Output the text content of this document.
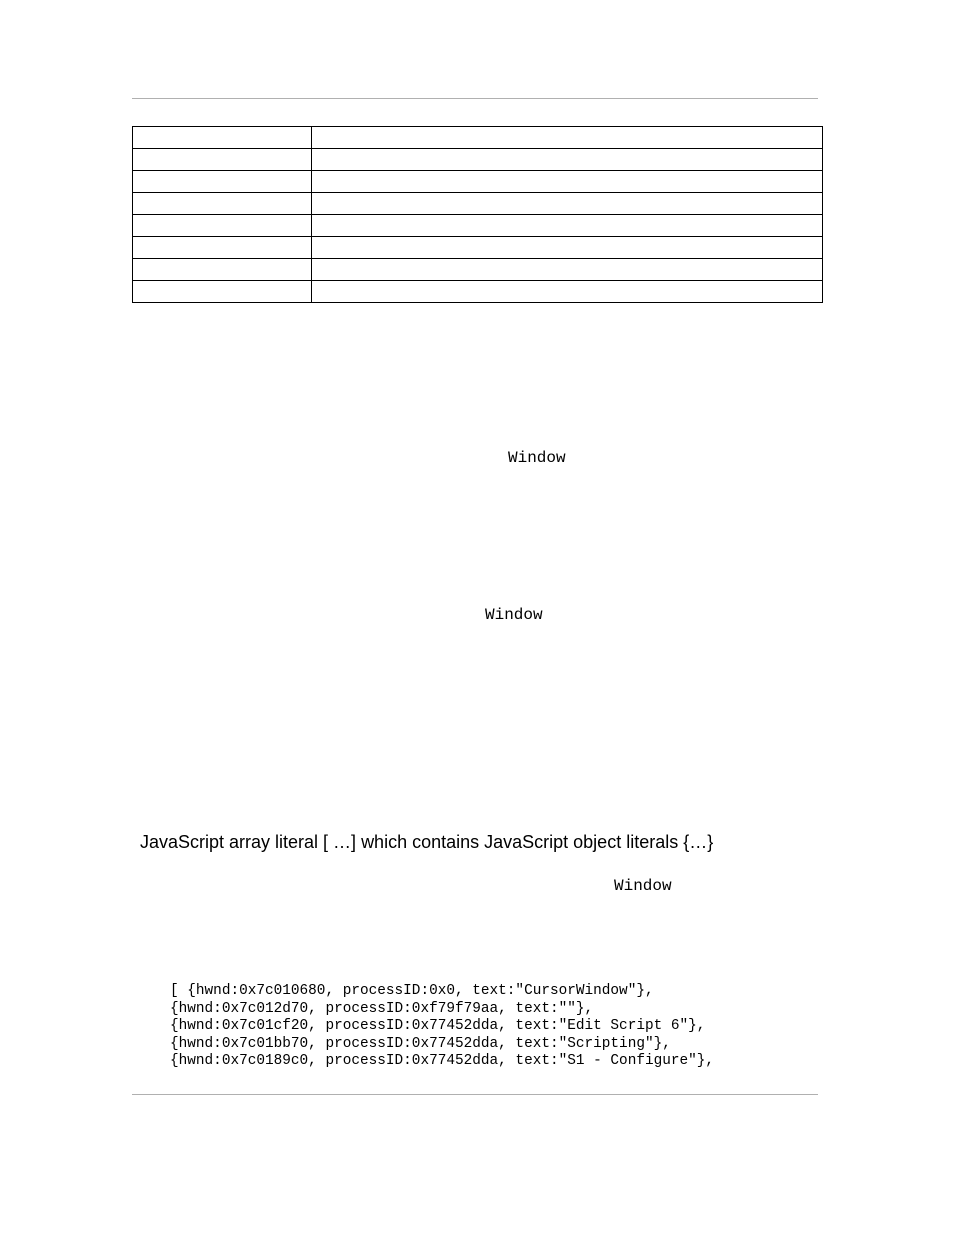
Window
Window
JavaScript array literal [ …] which contains JavaScript object literals {…}
Window
[ {hwnd:0x7c010680, processID:0x0, text:"CursorWindow"},
{hwnd:0x7c012d70, processID:0xf79f79aa, text:""},
{hwnd:0x7c01cf20, processID:0x77452dda, text:"Edit Script 6"},
{hwnd:0x7c01bb70, processID:0x77452dda, text:"Scripting"},
{hwnd:0x7c0189c0, processID:0x77452dda, text:"S1 - Configure"},
